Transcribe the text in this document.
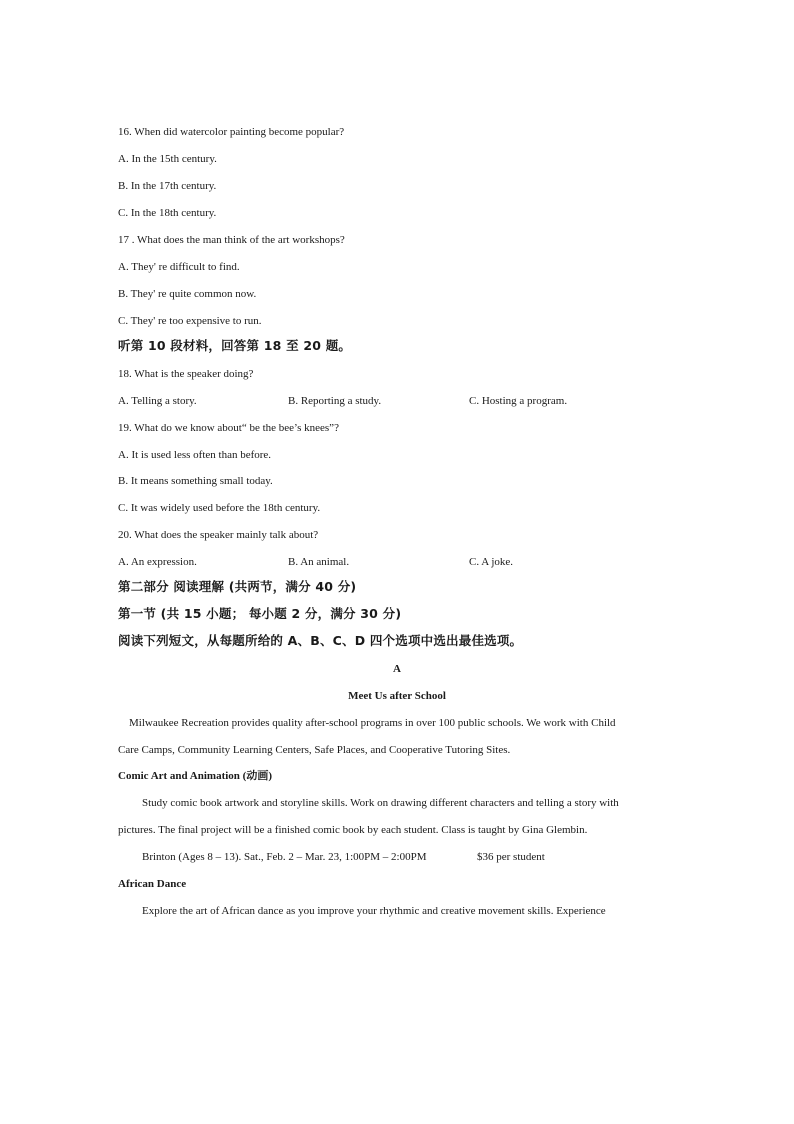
16. When did watercolor painting become popular?
A. In the 15th century.
B. In the 17th century.
C. In the 18th century.
17 . What does the man think of the art workshops?
A. They' re difficult to find.
B. They' re quite common now.
C. They' re too expensive to run.
听第 10 段材料，回答第 18 至 20 题。
18. What is the speaker doing?
A. Telling a story.	B. Reporting a study.	C. Hosting a program.
19. What do we know about“ be the bee’s knees”?
A. It is used less often than before.
B. It means something small today.
C. It was widely used before the 18th century.
20. What does the speaker mainly talk about?
A. An expression.	B. An animal.	C. A joke.
第二部分 阅读理解 (共两节，满分 40 分)
第一节 (共 15 小题； 每小题 2 分，满分 30 分)
阅读下列短文，从每题所给的 A、B、C、D 四个选项中选出最佳选项。
A
Meet Us after School
Milwaukee Recreation provides quality after-school programs in over 100 public schools. We work with Child
Care Camps, Community Learning Centers, Safe Places, and Cooperative Tutoring Sites.
Comic Art and Animation (动画)
Study comic book artwork and storyline skills. Work on drawing different characters and telling a story with
pictures. The final project will be a finished comic book by each student. Class is taught by Gina Glembin.
Brinton (Ages 8 – 13). Sat., Feb. 2 – Mar. 23, 1:00PM – 2:00PM	$36 per student
African Dance
Explore the art of African dance as you improve your rhythmic and creative movement skills. Experience
